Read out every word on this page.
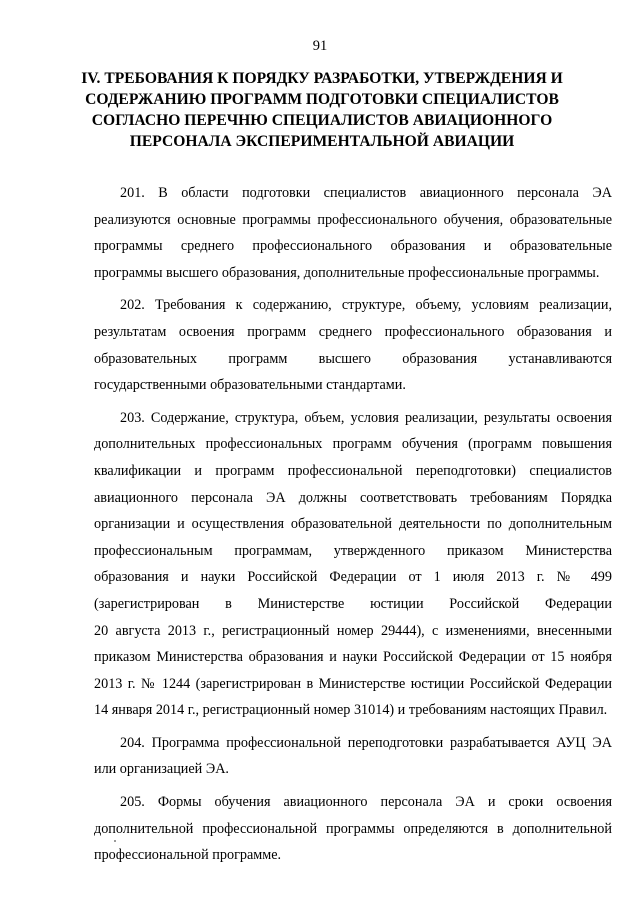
91
IV. ТРЕБОВАНИЯ К ПОРЯДКУ РАЗРАБОТКИ, УТВЕРЖДЕНИЯ И
СОДЕРЖАНИЮ ПРОГРАММ ПОДГОТОВКИ СПЕЦИАЛИСТОВ
СОГЛАСНО ПЕРЕЧНЮ СПЕЦИАЛИСТОВ АВИАЦИОННОГО
ПЕРСОНАЛА ЭКСПЕРИМЕНТАЛЬНОЙ АВИАЦИИ

201. В области подготовки специалистов авиационного персонала ЭА
реализуются основные программы профессионального обучения, образовательные
программы среднего профессионального образования и образовательные
программы высшего образования, дополнительные профессиональные программы.

202. Требования к содержанию, структуре, объему, условиям реализации,
результатам освоения программ среднего профессионального образования и
образовательных программ высшего образования устанавливаются
государственными образовательными стандартами.

203. Содержание, структура, объем, условия реализации, результаты освоения
дополнительных профессиональных программ обучения (программ повышения
квалификации и программ профессиональной переподготовки) специалистов
авиационного персонала ЭА должны соответствовать требованиям Порядка
организации и осуществления образовательной деятельности по дополнительным
профессиональным программам, утвержденного приказом Министерства
образования и науки Российской Федерации от 1 июля 2013 г. № 499
(зарегистрирован в Министерстве юстиции Российской Федерации
20 августа 2013 г., регистрационный номер 29444), с изменениями, внесенными
приказом Министерства образования и науки Российской Федерации от 15 ноября
2013 г. № 1244 (зарегистрирован в Министерстве юстиции Российской Федерации
14 января 2014 г., регистрационный номер 31014) и требованиям настоящих Правил.

204. Программа профессиональной переподготовки разрабатывается АУЦ ЭА
или организацией ЭА.

205. Формы обучения авиационного персонала ЭА и сроки освоения
дополнительной профессиональной программы определяются в дополнительной
профессиональной программе.
